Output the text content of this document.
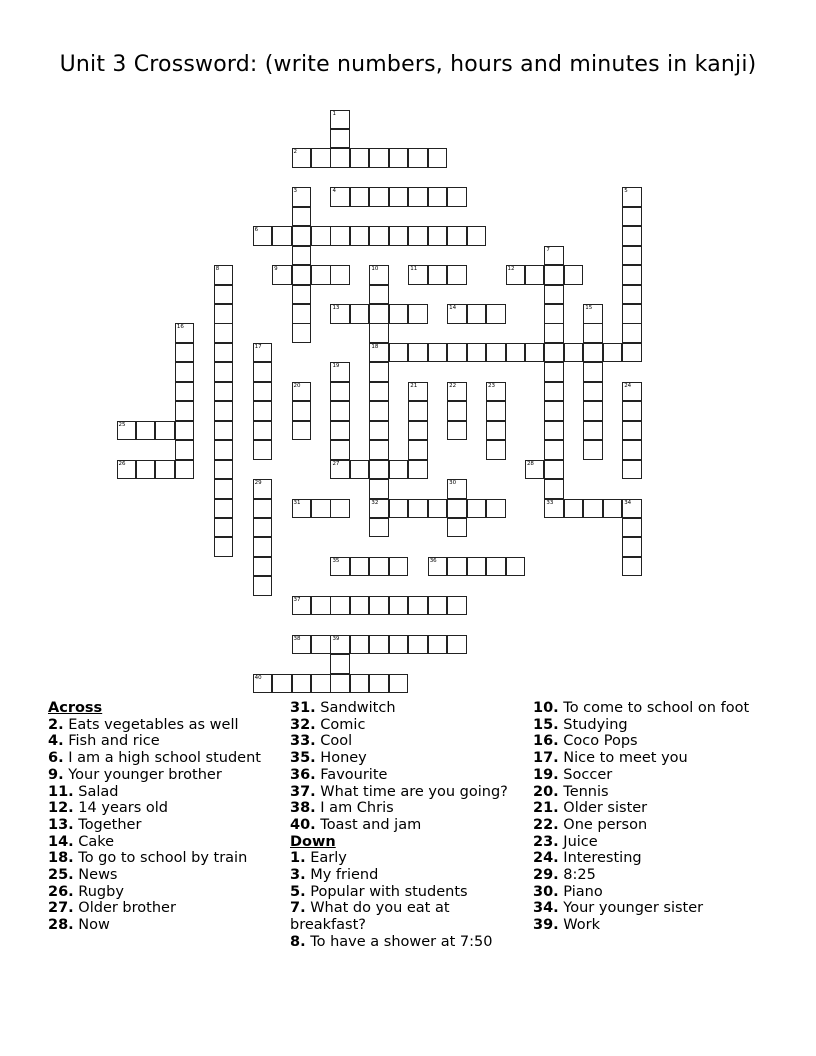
Unit 3 Crossword: (write numbers, hours and minutes in kanji)
1
2
3	4	5
6
7
8	9	10
18
32
11	12
13	14	15
16
17
19
20	21	22	23	24
25
26	27	28
29	30
31	33	34
35	36
37
38	39
40
Across
2. Eats vegetables as well
4. Fish and rice
6. I am a high school student
9. Your younger brother
11. Salad
12. 14 years old
13. Together
14. Cake
18. To go to school by train
25. News
26. Rugby
27. Older brother
28. Now
31. Sandwitch
32. Comic
33. Cool
35. Honey
36. Favourite
37. What time are you going?
38. I am Chris
40. Toast and jam
Down
1. Early
3. My friend
5. Popular with students
7. What do you eat at breakfast?
8. To have a shower at 7:50
10. To come to school on foot
15. Studying
16. Coco Pops
17. Nice to meet you
19. Soccer
20. Tennis
21. Older sister
22. One person
23. Juice
24. Interesting
29. 8:25
30. Piano
34. Your younger sister
39. Work
